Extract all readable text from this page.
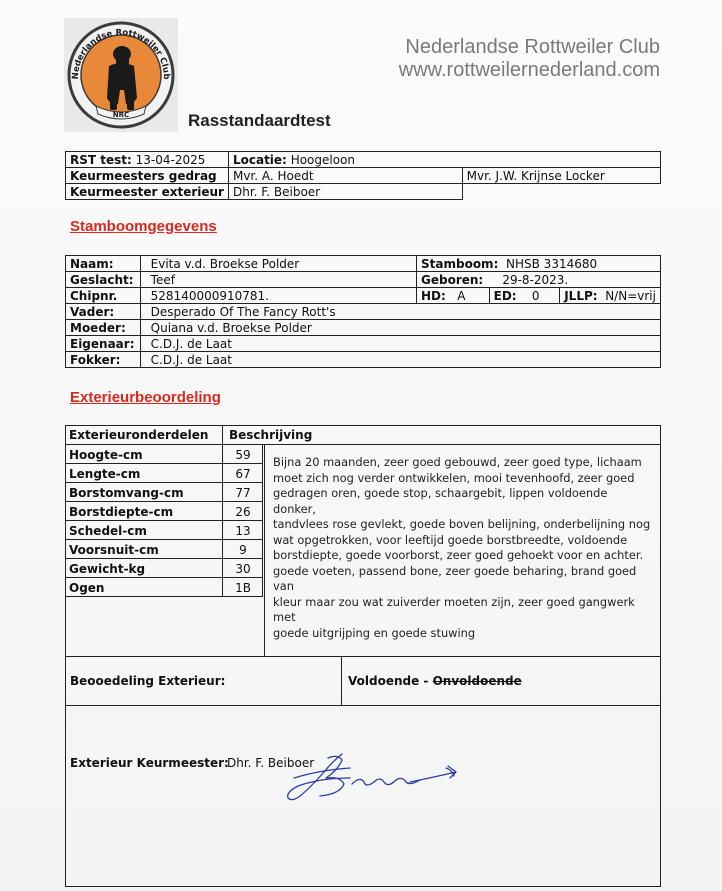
Nederlandse Rottweiler Club
NRC
Nederlandse Rottweiler Club
www.rottweilernederland.com
Rasstandaardtest
RST test: 13-04-2025	Locatie: Hoogeloon	
Keurmeesters gedrag	Mvr. A. Hoedt	Mvr. J.W. Krijnse Locker
Keurmeester exterieur	Dhr. F. Beiboer	
Stamboomgegevens
Naam:	Evita v.d. Broekse Polder	Stamboom: NHSB 3314680		
Geslacht:	Teef	Geboren: 29-8-2023.		
Chipnr.	528140000910781.	HD: A	ED: 0	JLLP: N/N=vrij
Vader:	Desperado Of The Fancy Rott's			
Moeder:	Quiana v.d. Broekse Polder			
Eigenaar:	C.D.J. de Laat			
Fokker:	C.D.J. de Laat			
Exterieurbeoordeling
Exterieuronderdelen Beschrijving
Hoogte-cm	59
Lengte-cm	67
Borstomvang-cm	77
Borstdiepte-cm	26
Schedel-cm	13
Voorsnuit-cm	9
Gewicht-kg	30
Ogen	1B
Bijna 20 maanden, zeer goed gebouwd, zeer goed type, lichaam
moet zich nog verder ontwikkelen, mooi tevenhoofd, zeer goed
gedragen oren, goede stop, schaargebit, lippen voldoende donker,
tandvlees rose gevlekt, goede boven belijning, onderbelijning nog
wat opgetrokken, voor leeftijd goede borstbreedte, voldoende
borstdiepte, goede voorborst, zeer goed gehoekt voor en achter.
goede voeten, passend bone, zeer goede beharing, brand goed van
kleur maar zou wat zuiverder moeten zijn, zeer goed gangwerk met
goede uitgrijping en goede stuwing
Beooedeling Exterieur:	Voldoende - Onvoldoende
Exterieur Keurmeester:
Dhr. F. Beiboer
